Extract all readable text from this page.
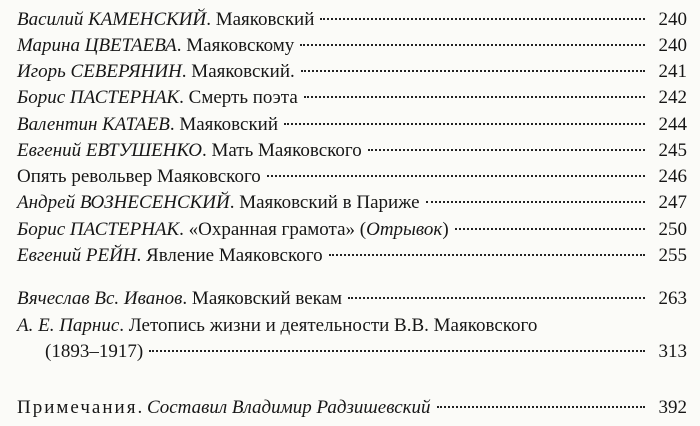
Василий КАМЕНСКИЙ. Маяковский	240
Марина ЦВЕТАЕВА. Маяковскому	240
Игорь СЕВЕРЯНИН. Маяковский.	241
Борис ПАСТЕРНАК. Смерть поэта	242
Валентин КАТАЕВ. Маяковский	244
Евгений ЕВТУШЕНКО. Мать Маяковского	245
Опять револьвер Маяковского	246
Андрей ВОЗНЕСЕНСКИЙ. Маяковский в Париже	247
Борис ПАСТЕРНАК. «Охранная грамота» (Отрывок)	250
Евгений РЕЙН. Явление Маяковского	255
Вячеслав Вс. Иванов. Маяковский векам	263
А. Е. Парнис. Летопись жизни и деятельности В.В. Маяковского
(1893–1917)	313
Примечания. Составил Владимир Радзишевский	392
